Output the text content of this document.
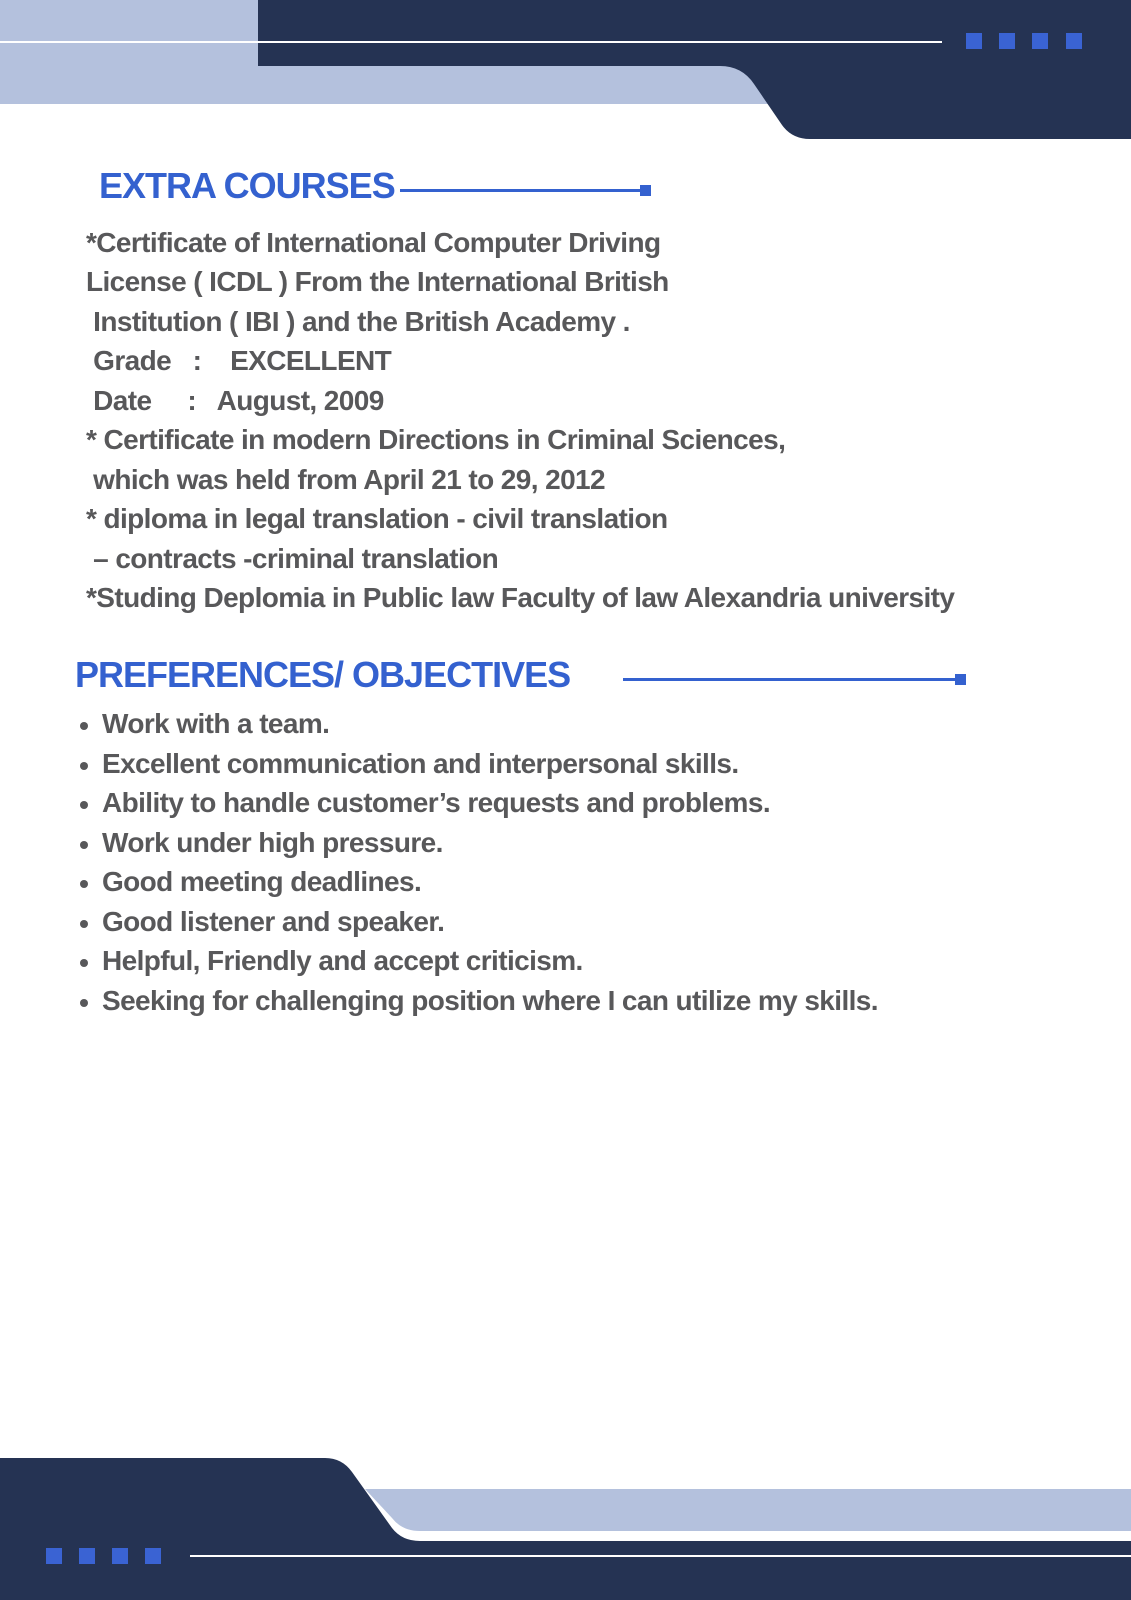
EXTRA COURSES

*Certificate of International Computer Driving

License ( ICDL ) From the International British

Institution ( IBI ) and the British Academy .

Grade   :    EXCELLENT

Date     :   August, 2009

* Certificate in modern Directions in Criminal Sciences,

which was held from April 21 to 29, 2012

* diploma in legal translation - civil translation

– contracts -criminal translation

*Studing Deplomia in Public law Faculty of law Alexandria university

PREFERENCES/ OBJECTIVES
Work with a team.
Excellent communication and interpersonal skills.
Ability to handle customer’s requests and problems.
Work under high pressure.
Good meeting deadlines.
Good listener and speaker.
Helpful, Friendly and accept criticism.
Seeking for challenging position where I can utilize my skills.
